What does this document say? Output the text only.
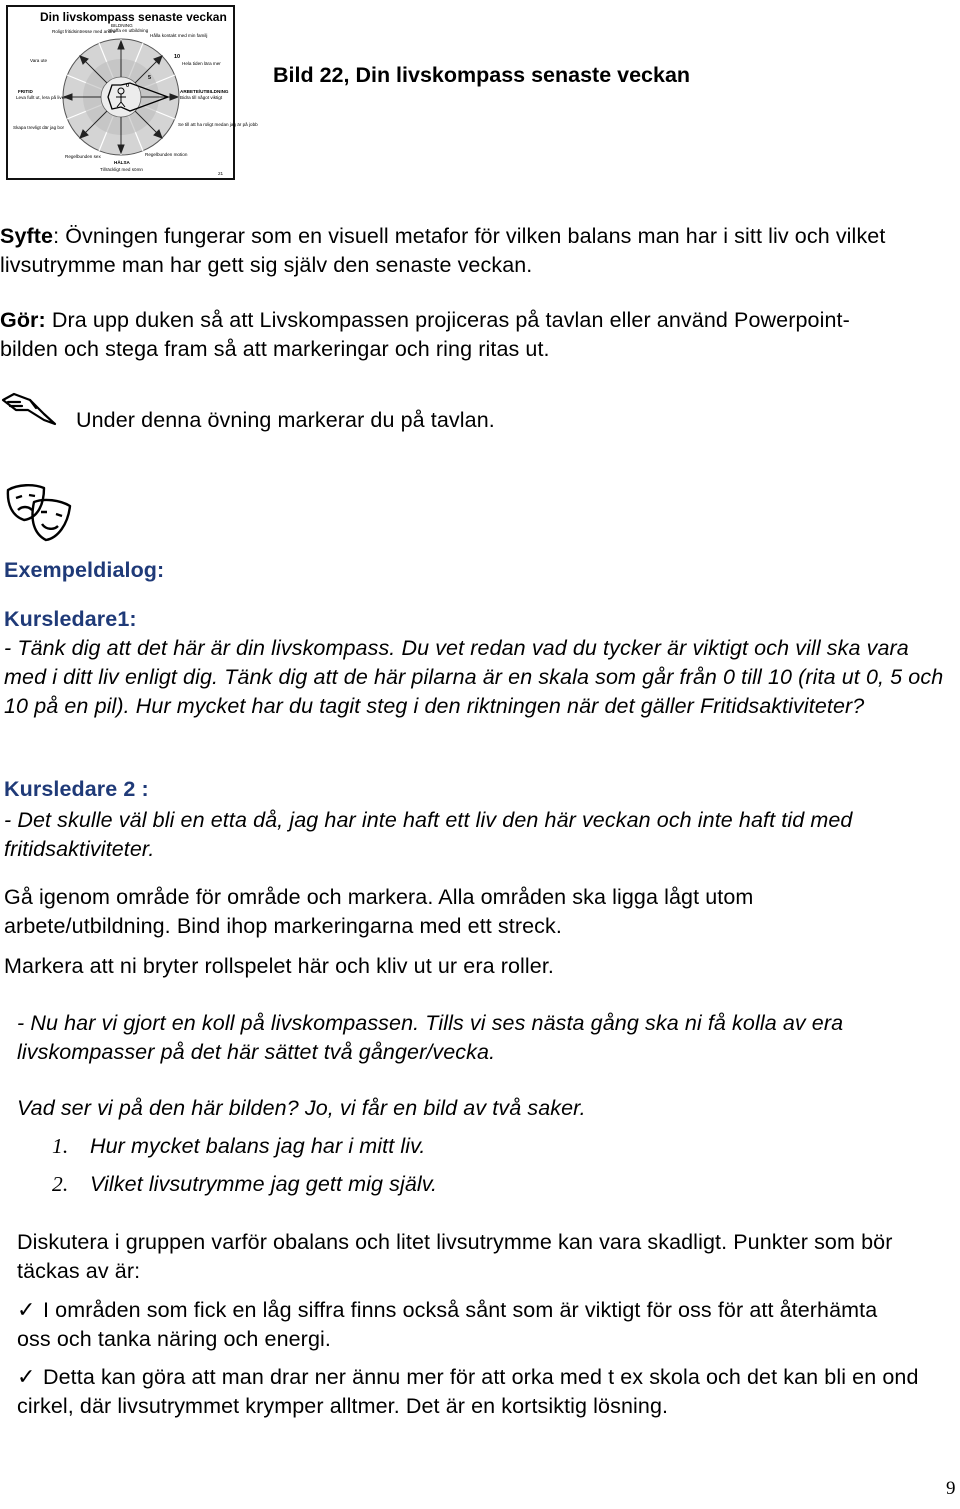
BILDNING
Skaffa en utbildning
Roligt fritidsintresse med andra
Hålla kontakt med min familj
Vara ute
FRITID
Leva fullt ut, lera på livet
Skapa trevligt där jag bor
Hela tiden lära mer
ARBETE/UTBILDNING
Bidra till något viktigt
Se till att ha roligt medan jag är på jobb
Regelbunden sex	Regelbunden motion
HÄLSA
Tillräckligt med sömn
10
5
0
21
Din livskompass senaste veckan
Bild 22, Din livskompass senaste veckan
Syfte: Övningen fungerar som en visuell metafor för vilken balans man har i sitt liv och vilket livsutrymme man har gett sig själv den senaste veckan.
Gör: Dra upp duken så att Livskompassen projiceras på tavlan eller använd Powerpoint-bilden och stega fram så att markeringar och ring ritas ut.
Under denna övning markerar du på tavlan.
Exempeldialog:
Kursledare1:
- Tänk dig att det här är din livskompass. Du vet redan vad du tycker är viktigt och vill ska vara med i ditt liv enligt dig. Tänk dig att de här pilarna är en skala som går från 0 till 10 (rita ut 0, 5 och 10 på en pil). Hur mycket har du tagit steg i den riktningen när det gäller Fritidsaktiviteter?
Kursledare 2 :
- Det skulle väl bli en etta då, jag har inte haft ett liv den här veckan och inte haft tid med fritidsaktiviteter.
Gå igenom område för område och markera. Alla områden ska ligga lågt utom arbete/utbildning. Bind ihop markeringarna med ett streck.
Markera att ni bryter rollspelet här och kliv ut ur era roller.
- Nu har vi gjort en koll på livskompassen. Tills vi ses nästa gång ska ni få kolla av era livskompasser på det här sättet två gånger/vecka.
Vad ser vi på den här bilden? Jo, vi får en bild av två saker.
1. Hur mycket balans jag har i mitt liv.
2. Vilket livsutrymme jag gett mig själv.
Diskutera i gruppen varför obalans och litet livsutrymme kan vara skadligt. Punkter som bör täckas av är:
✓ I områden som fick en låg siffra finns också sånt som är viktigt för oss för att återhämta oss och tanka näring och energi.
✓ Detta kan göra att man drar ner ännu mer för att orka med t ex skola och det kan bli en ond cirkel, där livsutrymmet krymper alltmer. Det är en kortsiktig lösning.
9
